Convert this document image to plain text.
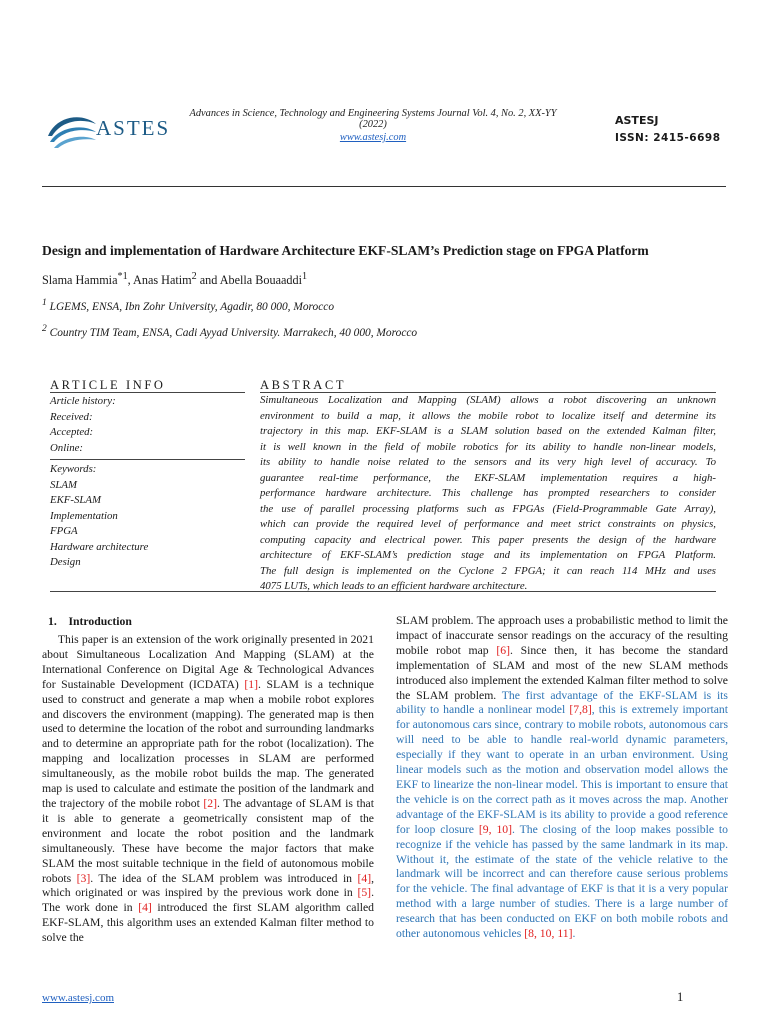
ASTES
Advances in Science, Technology and Engineering Systems Journal Vol. 4, No. 2, XX-YY (2022)
www.astesj.com
ASTESJ
ISSN: 2415-6698
Design and implementation of Hardware Architecture EKF-SLAM’s Prediction stage on FPGA Platform
Slama Hammia$^{*1}$, Anas Hatim$^2$ and Abella Bouaaddi$^1$
$^1$ LGEMS, ENSA, Ibn Zohr University, Agadir, 80 000, Morocco
$^2$ Country TIM Team, ENSA, Cadi Ayyad University. Marrakech, 40 000, Morocco
ARTICLE INFO
Article history:
Received:
Accepted:
Online:
Keywords:
SLAM
EKF-SLAM
Implementation
FPGA
Hardware architecture
Design
ABSTRACT
Simultaneous Localization and Mapping (SLAM) allows a robot discovering an unknown
environment to build a map, it allows the mobile robot to localize itself and determine its
trajectory in this map. EKF-SLAM is a SLAM solution based on the extended Kalman filter,
it is well known in the field of mobile robotics for its ability to handle non-linear models,
its ability to handle noise related to the sensors and its very high level of accuracy. To
guarantee real-time performance, the EKF-SLAM implementation requires a high-
performance hardware architecture. This challenge has prompted researchers to consider
the use of parallel processing platforms such as FPGAs (Field-Programmable Gate Array),
which can provide the required level of performance and meet strict constraints on physics,
computing capacity and electrical power. This paper presents the design of the hardware
architecture of EKF-SLAM’s prediction stage and its implementation on FPGA Platform.
The full design is implemented on the Cyclone 2 FPGA; it can reach 114 MHz and uses
4075 LUTs, which leads to an efficient hardware architecture.
1.    Introduction
This paper is an extension of the work originally presented in 2021 about Simultaneous Localization And Mapping (SLAM) at the International Conference on Digital Age & Technological Advances for Sustainable Development (ICDATA) [1]. SLAM is a technique used to construct and generate a map when a mobile robot explores and discovers the environment (mapping). The generated map is then used to determine the location of the robot and surrounding landmarks and to determine an appropriate path for the robot (localization). The mapping and localization processes in SLAM are performed simultaneously, as the mobile robot builds the map. The generated map is used to calculate and estimate the position of the landmark and the trajectory of the mobile robot [2]. The advantage of SLAM is that it is able to generate a geometrically consistent map of the environment and locate the robot position and the landmark simultaneously. These have become the major factors that make SLAM the most suitable technique in the field of autonomous mobile robots [3]. The idea of the SLAM problem was introduced in [4], which originated or was inspired by the previous work done in [5]. The work done in [4] introduced the first SLAM algorithm called EKF-SLAM, this algorithm uses an extended Kalman filter method to solve the
SLAM problem. The approach uses a probabilistic method to limit the impact of inaccurate sensor readings on the accuracy of the resulting mobile robot map [6]. Since then, it has become the standard implementation of SLAM and most of the new SLAM methods introduced also implement the extended Kalman filter method to solve the SLAM problem. The first advantage of the EKF-SLAM is its ability to handle a nonlinear model [7,8], this is extremely important for autonomous cars since, contrary to mobile robots, autonomous cars will need to be able to handle real-world dynamic parameters, especially if they want to operate in an urban environment. Using linear models such as the motion and observation model allows the EKF to linearize the non-linear model. This is important to ensure that the vehicle is on the correct path as it moves across the map. Another advantage of the EKF-SLAM is its ability to provide a good reference for loop closure [9, 10]. The closing of the loop makes possible to recognize if the vehicle has passed by the same landmark in its map. Without it, the estimate of the state of the vehicle relative to the landmark will be incorrect and can therefore cause serious problems for the vehicle. The final advantage of EKF is that it is a very popular method with a large number of studies. There is a large number of research that has been conducted on EKF on both mobile robots and other autonomous vehicles [8, 10, 11].
www.astesj.com	1
